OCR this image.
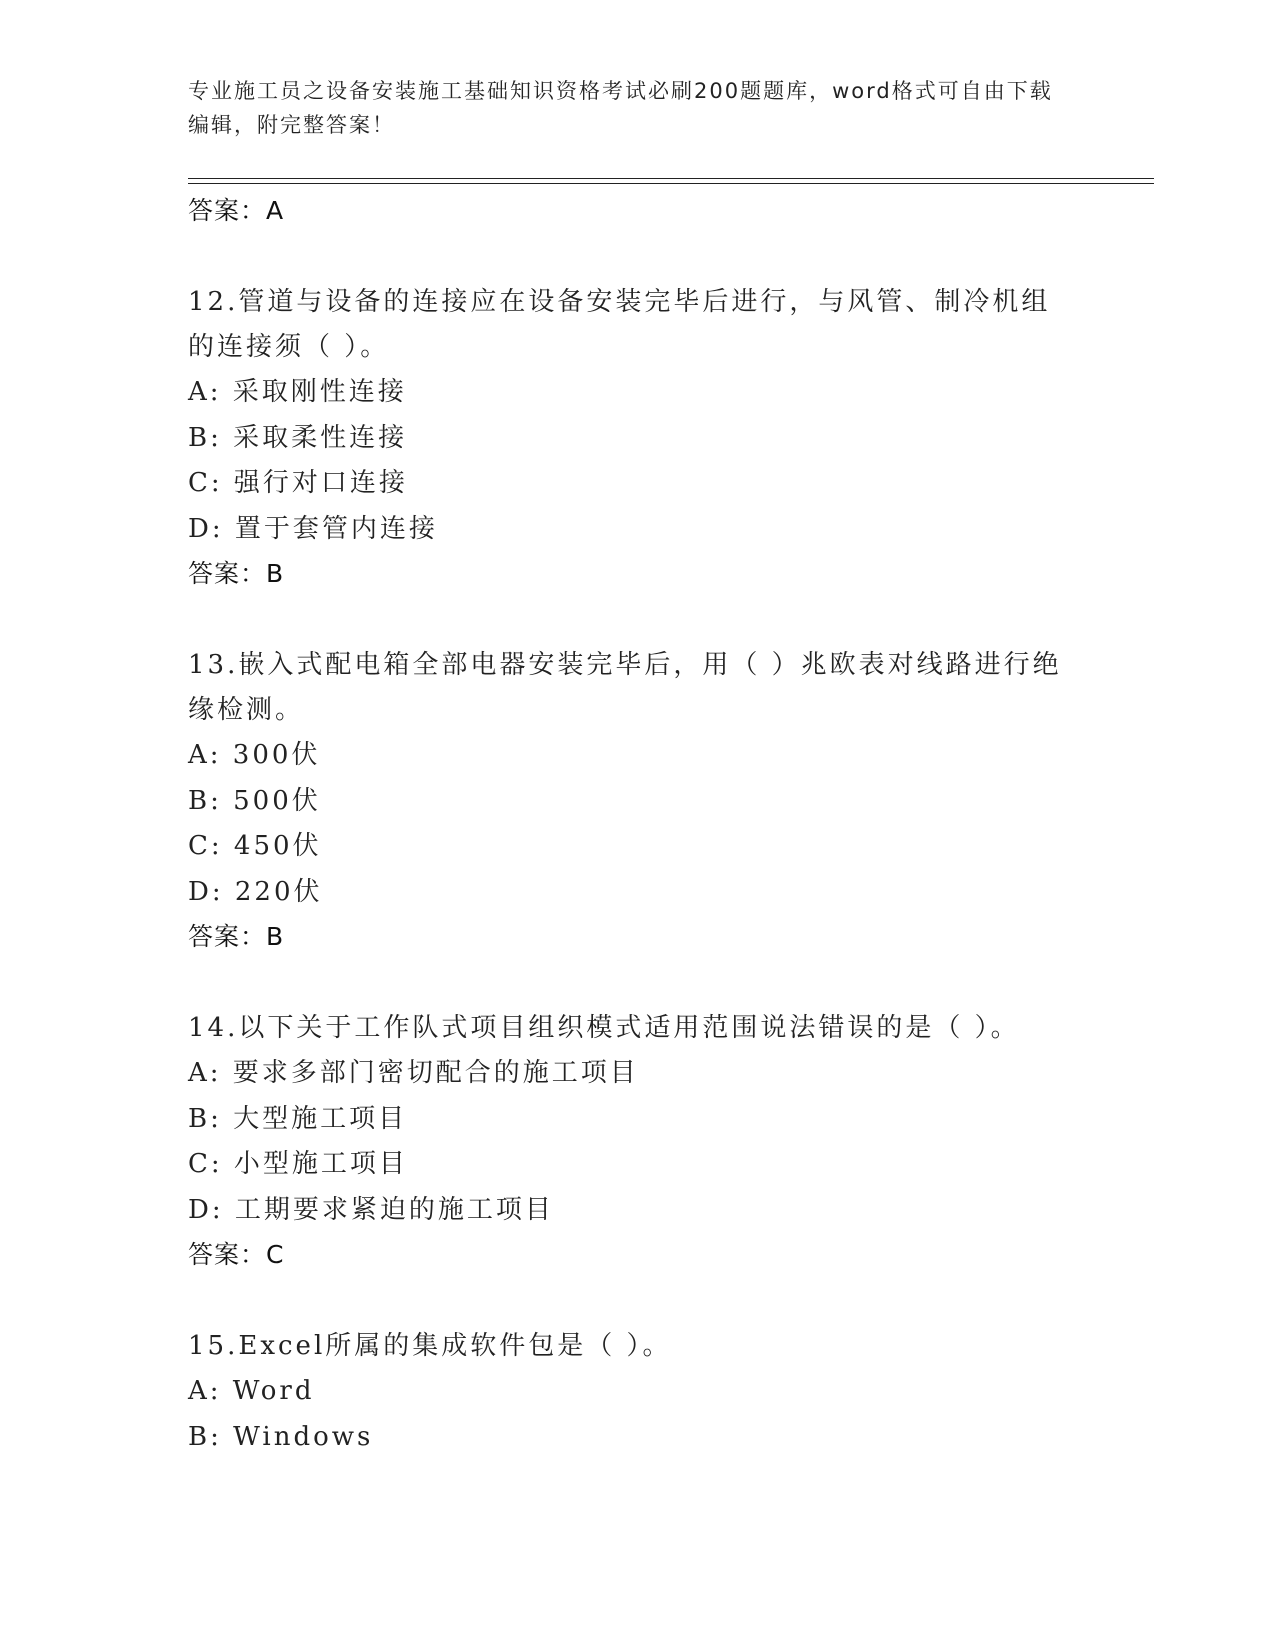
专业施工员之设备安装施工基础知识资格考试必刷200题题库，word格式可自由下载编辑，附完整答案！
答案：A
12.管道与设备的连接应在设备安装完毕后进行，与风管、制冷机组的连接须（ ）。
A: 采取刚性连接
B: 采取柔性连接
C: 强行对口连接
D: 置于套管内连接
答案：B
13.嵌入式配电箱全部电器安装完毕后，用（ ）兆欧表对线路进行绝缘检测。
A: 300伏
B: 500伏
C: 450伏
D: 220伏
答案：B
14.以下关于工作队式项目组织模式适用范围说法错误的是（ ）。
A: 要求多部门密切配合的施工项目
B: 大型施工项目
C: 小型施工项目
D: 工期要求紧迫的施工项目
答案：C
15.Excel所属的集成软件包是（ ）。
A: Word
B: Windows
